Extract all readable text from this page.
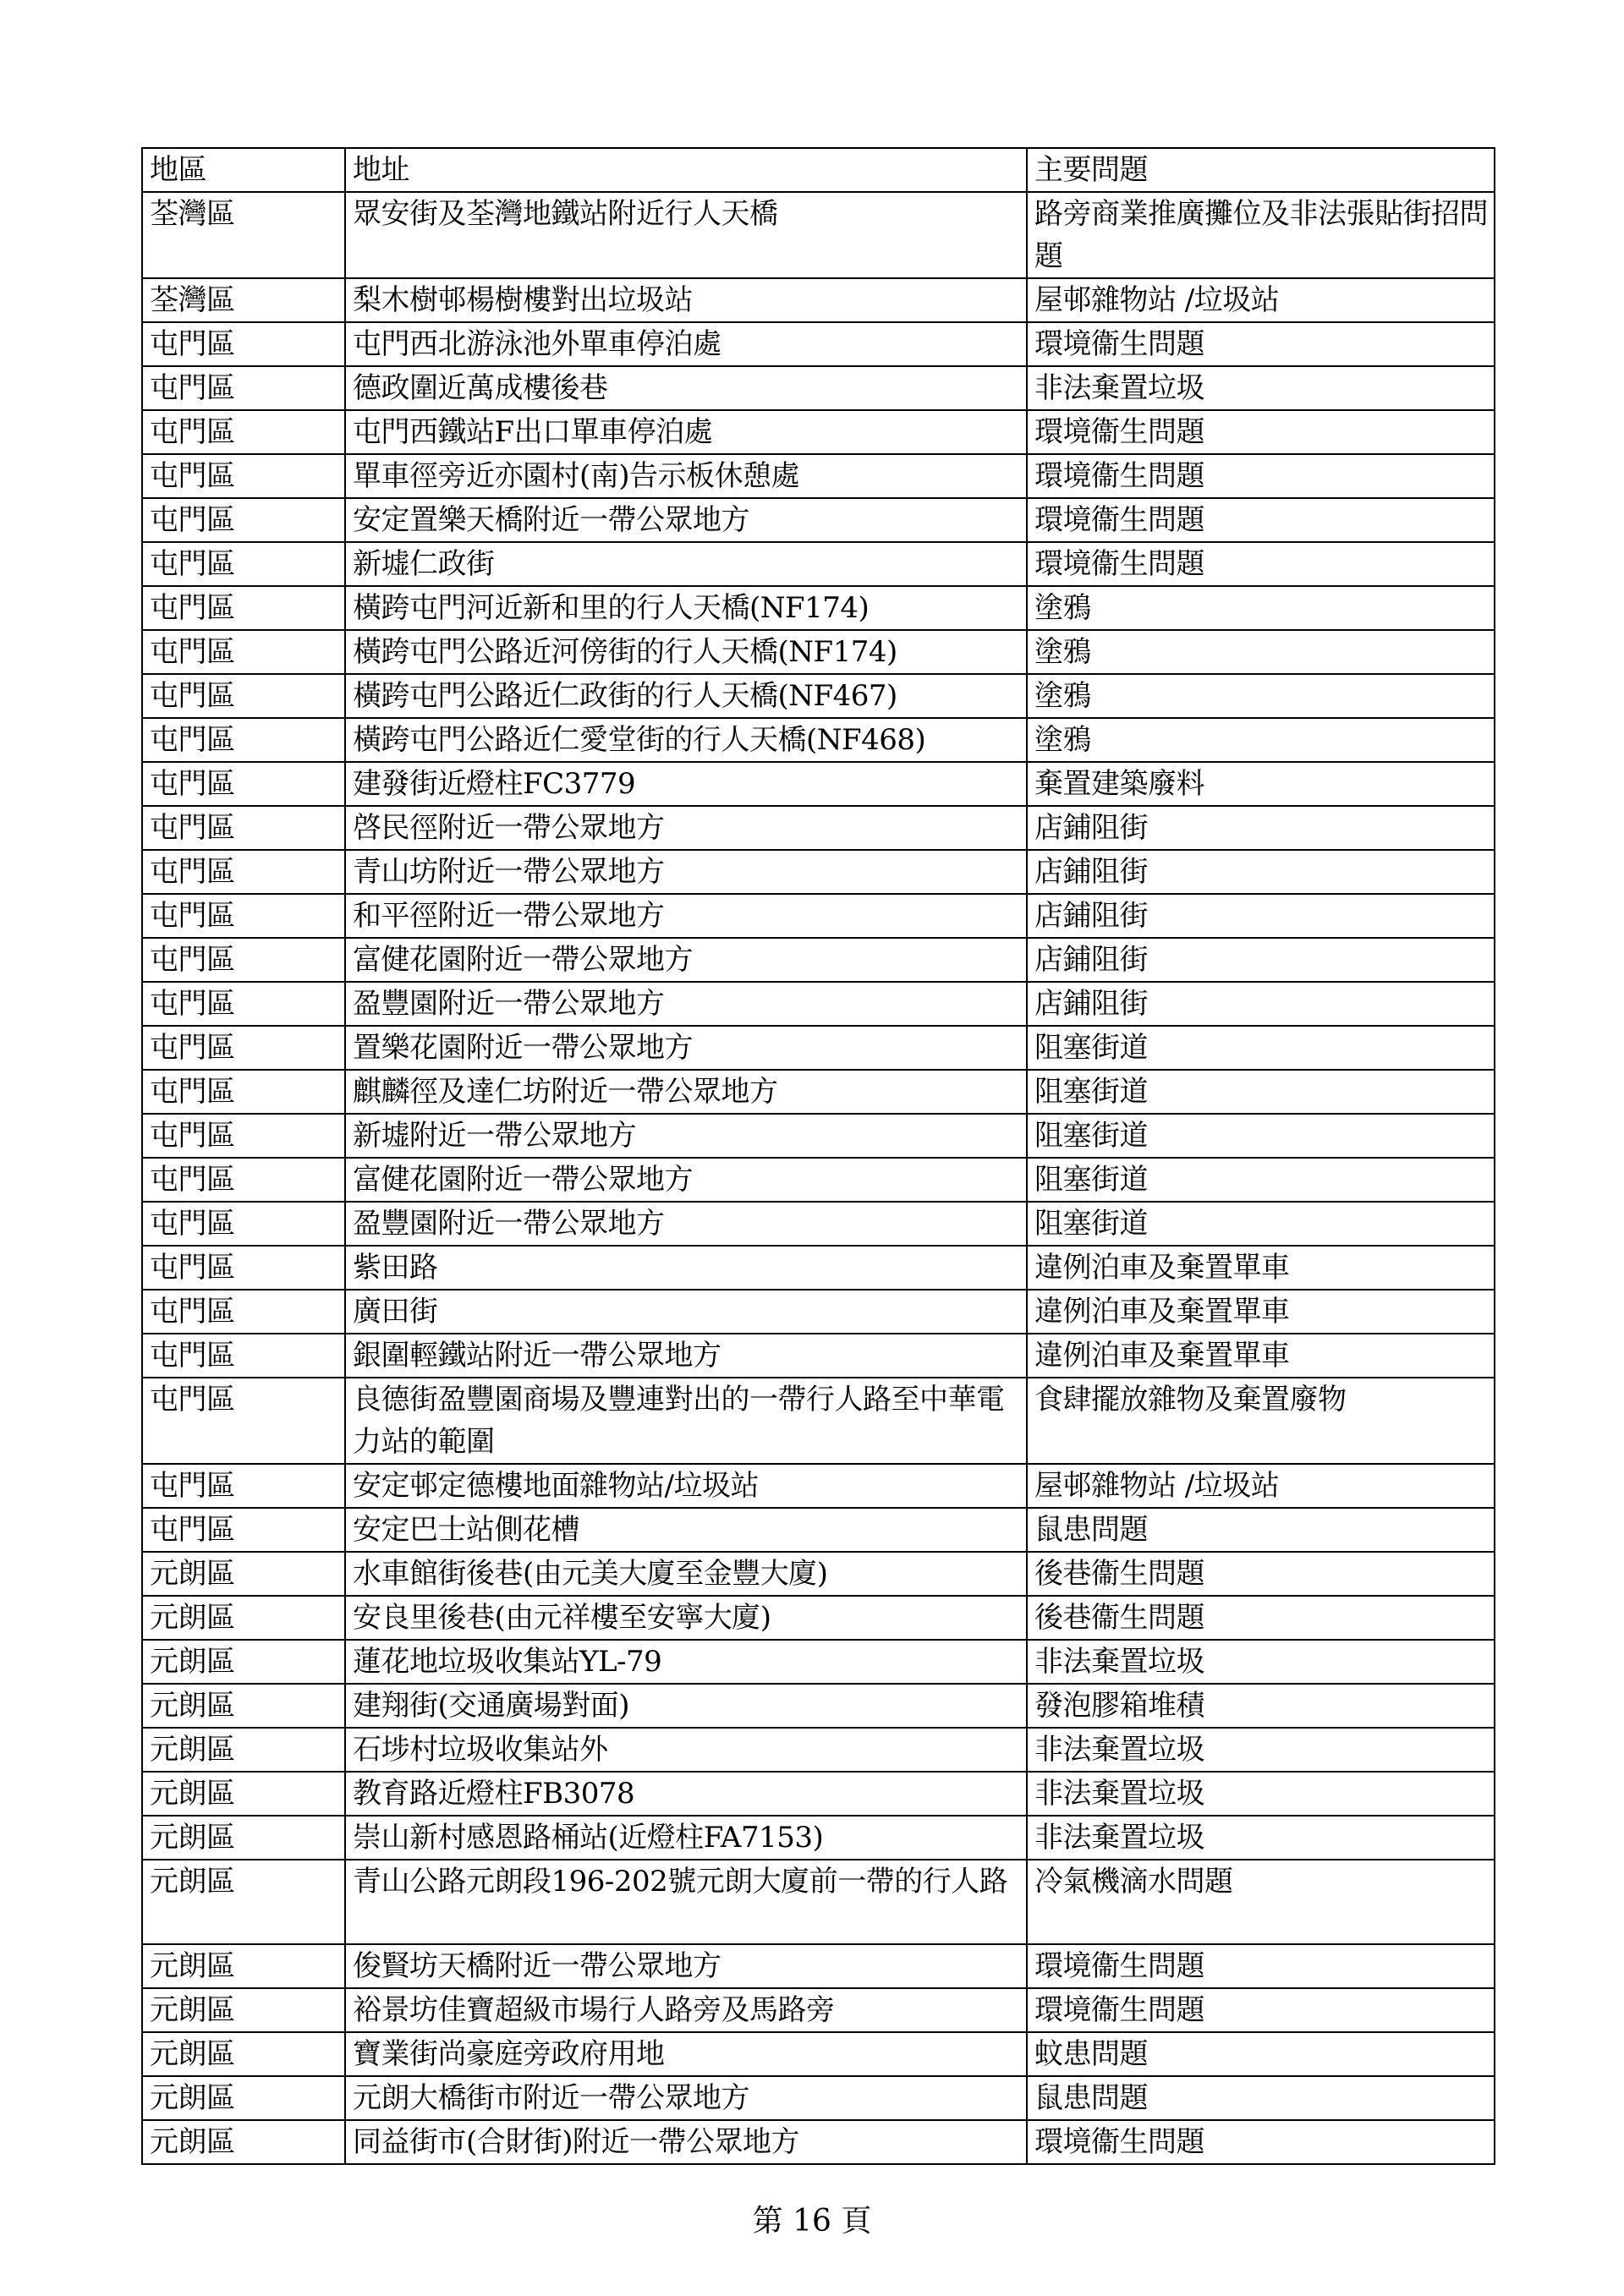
地區	地址	主要問題
荃灣區	眾安街及荃灣地鐵站附近行人天橋	路旁商業推廣攤位及非法張貼街招問題
荃灣區	梨木樹邨楊樹樓對出垃圾站	屋邨雜物站 /垃圾站
屯門區	屯門西北游泳池外單車停泊處	環境衞生問題
屯門區	德政圍近萬成樓後巷	非法棄置垃圾
屯門區	屯門西鐵站F出口單車停泊處	環境衞生問題
屯門區	單車徑旁近亦園村(南)告示板休憩處	環境衞生問題
屯門區	安定置樂天橋附近一帶公眾地方	環境衞生問題
屯門區	新墟仁政街	環境衞生問題
屯門區	橫跨屯門河近新和里的行人天橋(NF174)	塗鴉
屯門區	橫跨屯門公路近河傍街的行人天橋(NF174)	塗鴉
屯門區	橫跨屯門公路近仁政街的行人天橋(NF467)	塗鴉
屯門區	橫跨屯門公路近仁愛堂街的行人天橋(NF468)	塗鴉
屯門區	建發街近燈柱FC3779	棄置建築廢料
屯門區	啓民徑附近一帶公眾地方	店鋪阻街
屯門區	青山坊附近一帶公眾地方	店鋪阻街
屯門區	和平徑附近一帶公眾地方	店鋪阻街
屯門區	富健花園附近一帶公眾地方	店鋪阻街
屯門區	盈豐園附近一帶公眾地方	店鋪阻街
屯門區	置樂花園附近一帶公眾地方	阻塞街道
屯門區	麒麟徑及達仁坊附近一帶公眾地方	阻塞街道
屯門區	新墟附近一帶公眾地方	阻塞街道
屯門區	富健花園附近一帶公眾地方	阻塞街道
屯門區	盈豐園附近一帶公眾地方	阻塞街道
屯門區	紫田路	違例泊車及棄置單車
屯門區	廣田街	違例泊車及棄置單車
屯門區	銀圍輕鐵站附近一帶公眾地方	違例泊車及棄置單車
屯門區	良德街盈豐園商場及豐連對出的一帶行人路至中華電力站的範圍	食肆擺放雜物及棄置廢物
屯門區	安定邨定德樓地面雜物站/垃圾站	屋邨雜物站 /垃圾站
屯門區	安定巴士站側花槽	鼠患問題
元朗區	水車館街後巷(由元美大廈至金豐大廈)	後巷衞生問題
元朗區	安良里後巷(由元祥樓至安寧大廈)	後巷衞生問題
元朗區	蓮花地垃圾收集站YL-79	非法棄置垃圾
元朗區	建翔街(交通廣場對面)	發泡膠箱堆積
元朗區	石埗村垃圾收集站外	非法棄置垃圾
元朗區	教育路近燈柱FB3078	非法棄置垃圾
元朗區	崇山新村感恩路桶站(近燈柱FA7153)	非法棄置垃圾
元朗區	青山公路元朗段196-202號元朗大廈前一帶的行人路	冷氣機滴水問題
元朗區	俊賢坊天橋附近一帶公眾地方	環境衞生問題
元朗區	裕景坊佳寶超級市場行人路旁及馬路旁	環境衞生問題
元朗區	寶業街尚豪庭旁政府用地	蚊患問題
元朗區	元朗大橋街市附近一帶公眾地方	鼠患問題
元朗區	同益街市(合財街)附近一帶公眾地方	環境衞生問題
第 16 頁
